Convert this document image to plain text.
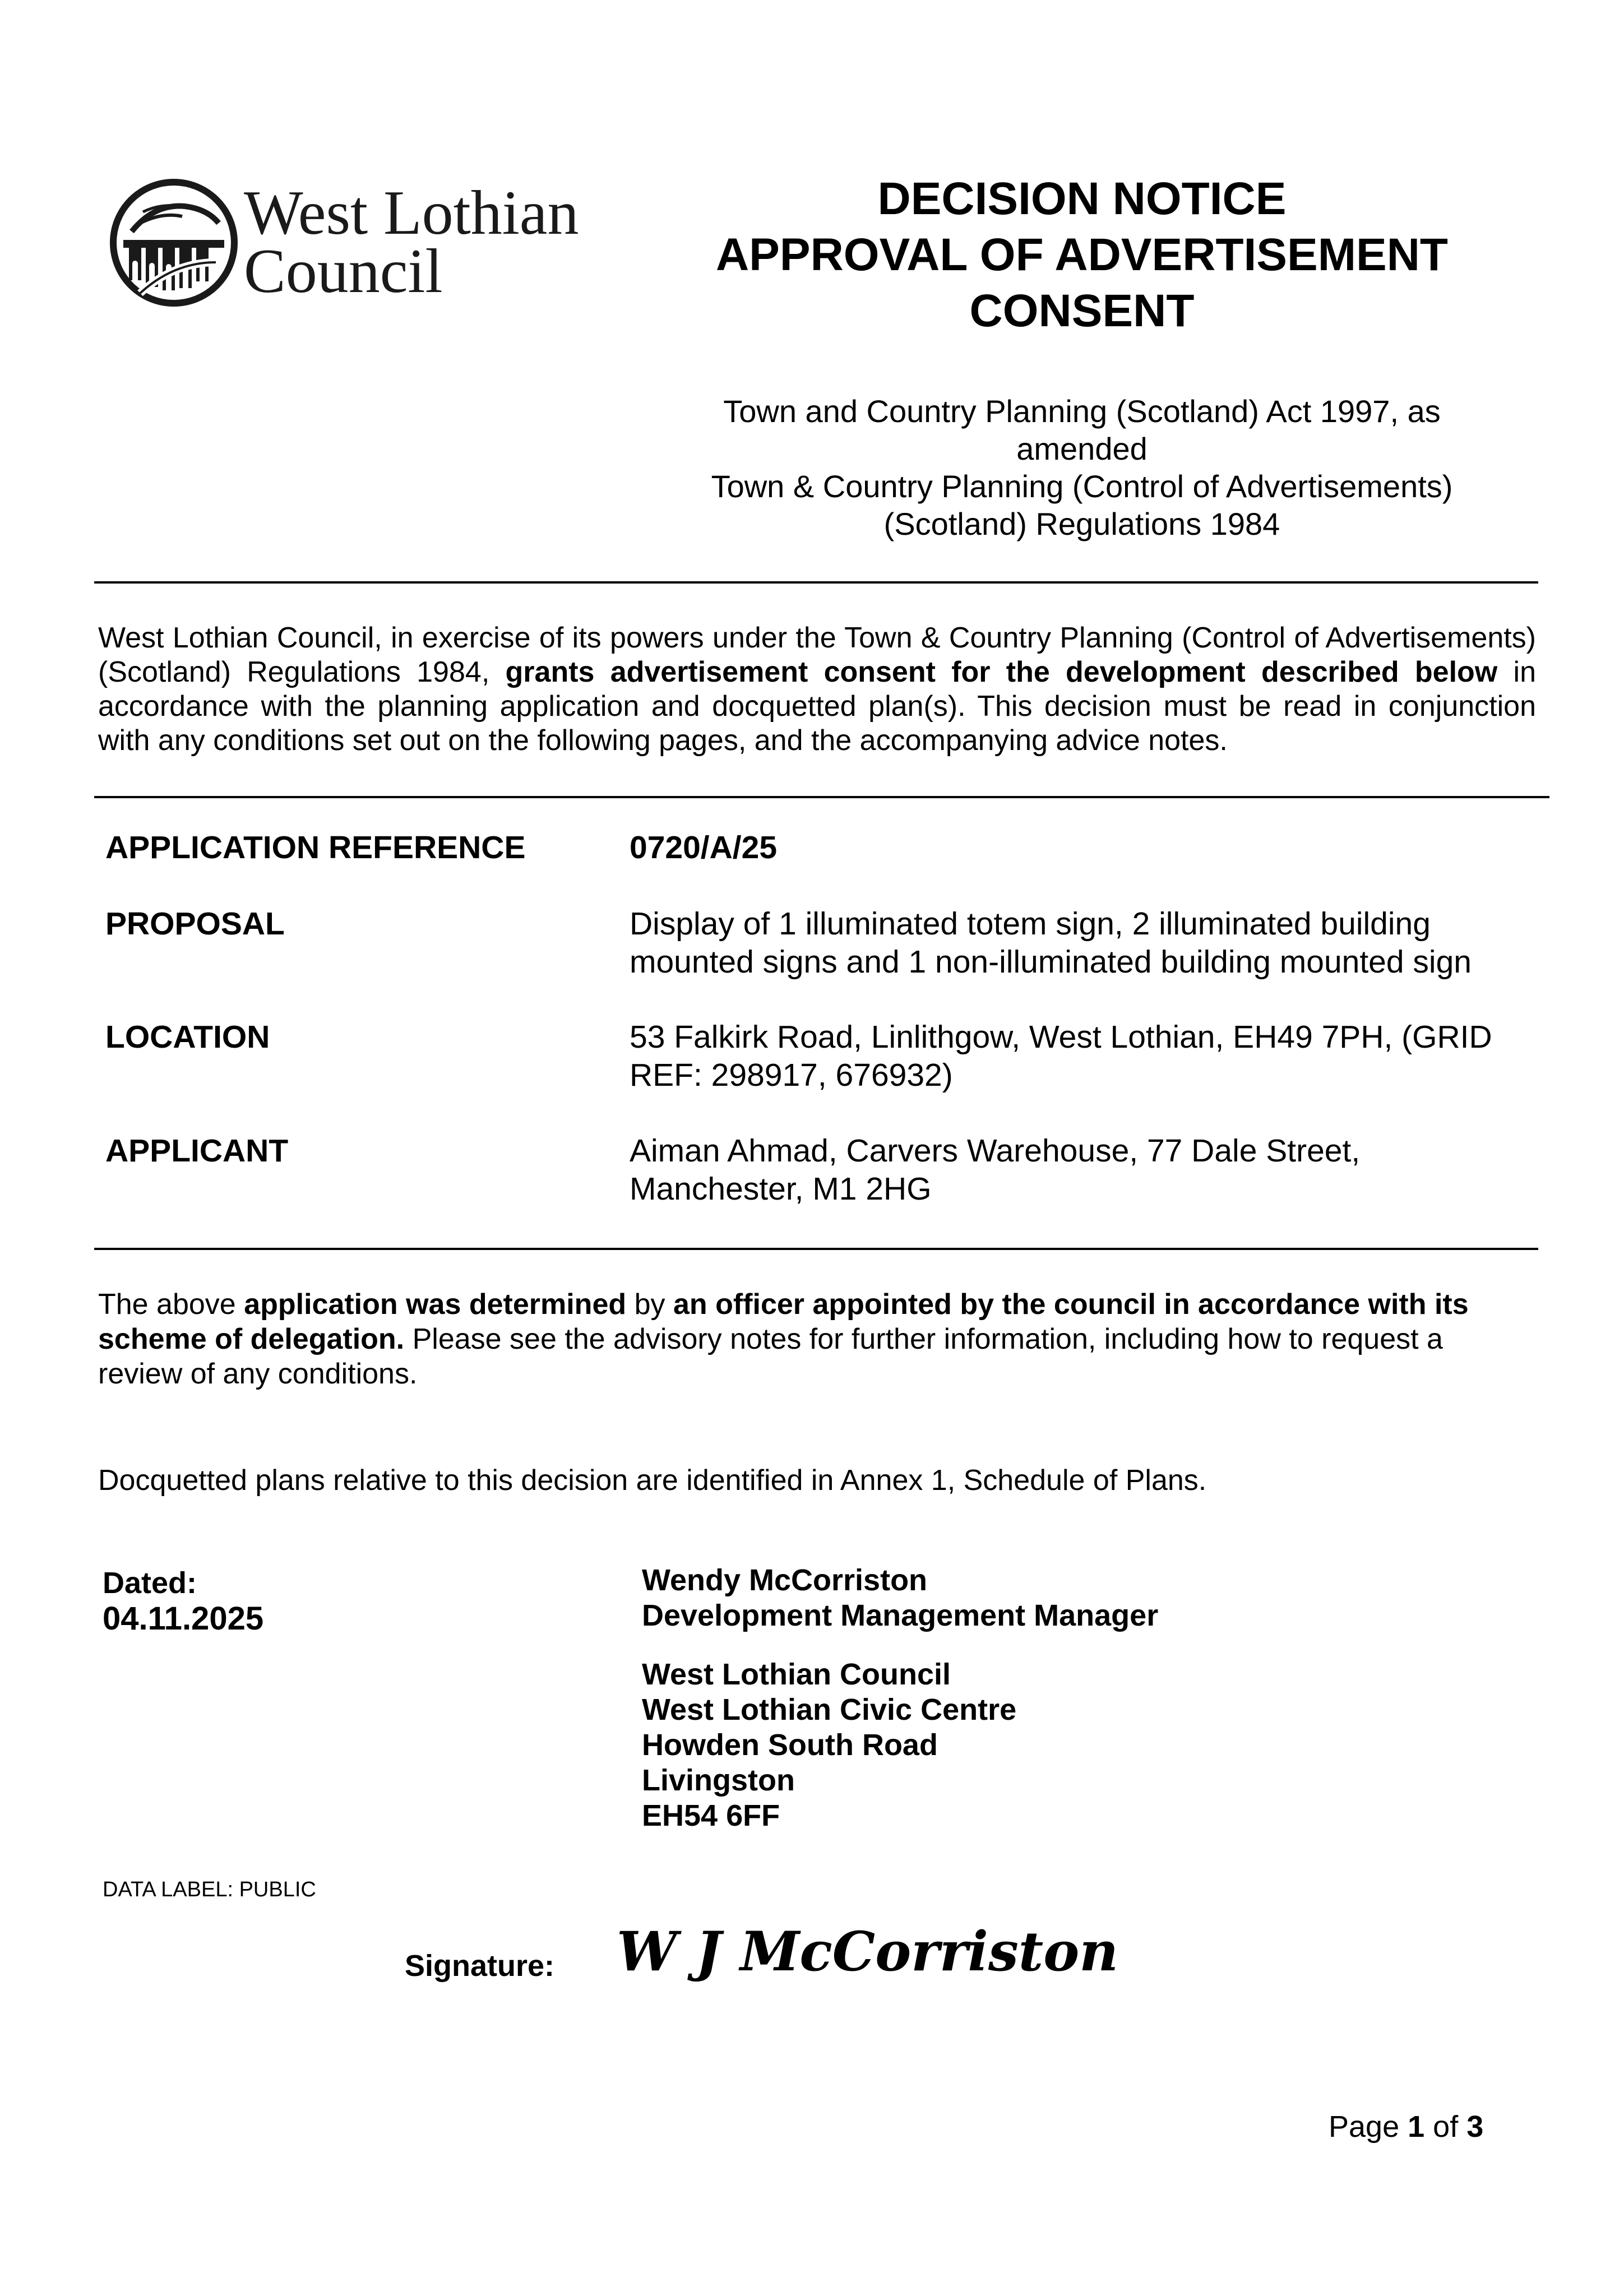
West Lothian
Council
DECISION NOTICE
APPROVAL OF ADVERTISEMENT
CONSENT
Town and Country Planning (Scotland) Act 1997, as
amended
Town & Country Planning (Control of Advertisements)
(Scotland) Regulations 1984
West Lothian Council, in exercise of its powers under the Town & Country Planning (Control of Advertisements) (Scotland) Regulations 1984, grants advertisement consent for the development described below in accordance with the planning application and docquetted plan(s). This decision must be read in conjunction with any conditions set out on the following pages, and the accompanying advice notes.
APPLICATION REFERENCE	0720/A/25
PROPOSAL	Display of 1 illuminated totem sign, 2 illuminated building
mounted signs and 1 non-illuminated building mounted sign
LOCATION	53 Falkirk Road, Linlithgow, West Lothian, EH49 7PH, (GRID
REF: 298917, 676932)
APPLICANT	Aiman Ahmad, Carvers Warehouse, 77 Dale Street,
Manchester, M1 2HG
The above application was determined by an officer appointed by the council in accordance with its scheme of delegation. Please see the advisory notes for further information, including how to request a review of any conditions.
Docquetted plans relative to this decision are identified in Annex 1, Schedule of Plans.
Dated:
04.11.2025
Wendy McCorriston
Development Management Manager
West Lothian Council
West Lothian Civic Centre
Howden South Road
Livingston
EH54 6FF
DATA LABEL: PUBLIC
Signature: W J McCorriston
Page 1 of 3
